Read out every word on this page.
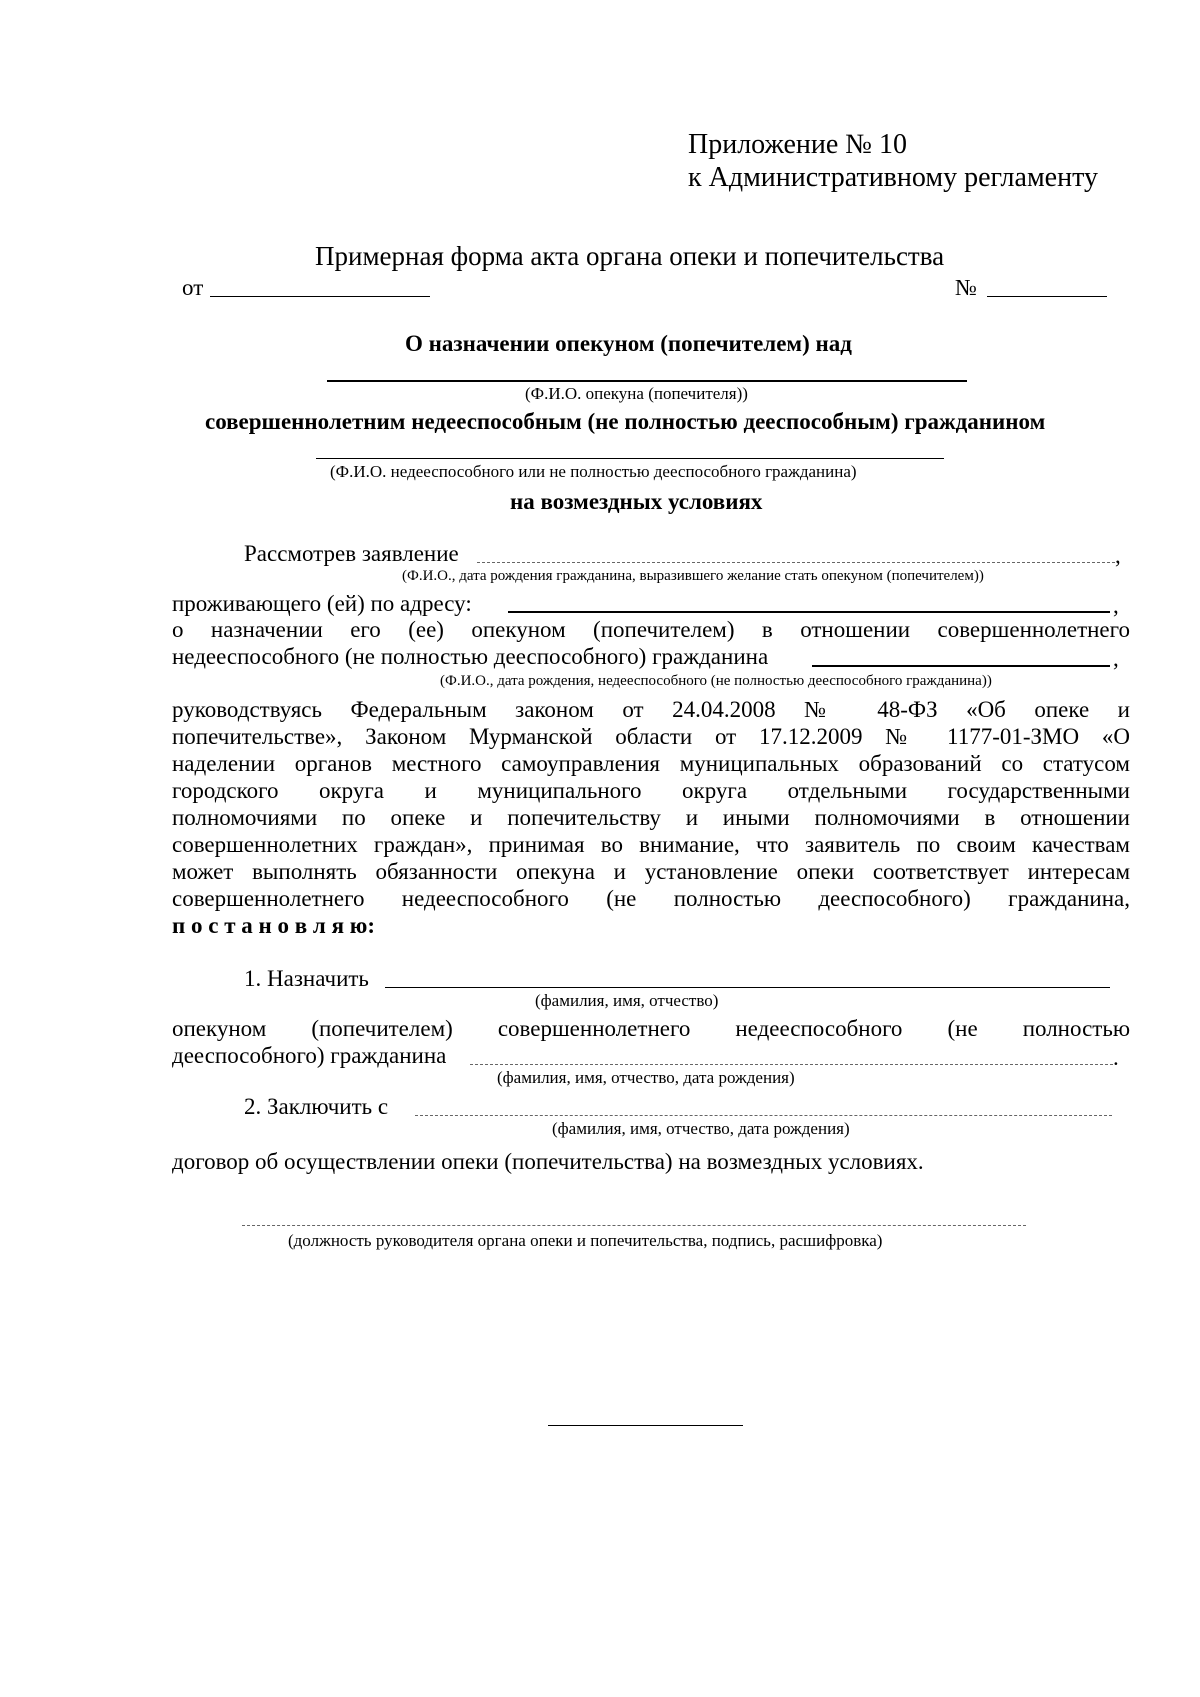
Приложение № 10
к Административному регламенту
Примерная форма акта органа опеки и попечительства
от	№
О назначении опекуном (попечителем) над
(Ф.И.О. опекуна (попечителя))
совершеннолетним недееспособным (не полностью дееспособным) гражданином
(Ф.И.О. недееспособного или не полностью дееспособного гражданина)
на возмездных условиях
Рассмотрев заявление	,
(Ф.И.О., дата рождения гражданина, выразившего желание стать опекуном (попечителем))
проживающего (ей) по адресу:	,
о назначении его (ее) опекуном (попечителем) в отношении совершеннолетнего
недееспособного (не полностью дееспособного) гражданина	,
(Ф.И.О., дата рождения, недееспособного (не полностью дееспособного гражданина))
руководствуясь Федеральным законом от 24.04.2008 № 48-ФЗ «Об опеке и
попечительстве», Законом Мурманской области от 17.12.2009 № 1177-01-ЗМО «О
наделении органов местного самоуправления муниципальных образований со статусом
городского округа и муниципального округа отдельными государственными
полномочиями по опеке и попечительству и иными полномочиями в отношении
совершеннолетних граждан», принимая во внимание, что заявитель по своим качествам
может выполнять обязанности опекуна и установление опеки соответствует интересам
совершеннолетнего недееспособного (не полностью дееспособного) гражданина,
п о с т а н о в л я ю:
1. Назначить
(фамилия, имя, отчество)
опекуном (попечителем) совершеннолетнего недееспособного (не полностью
дееспособного) гражданина	.
(фамилия, имя, отчество, дата рождения)
2. Заключить с
(фамилия, имя, отчество, дата рождения)
договор об осуществлении опеки (попечительства) на возмездных условиях.
(должность руководителя органа опеки и попечительства, подпись, расшифровка)
